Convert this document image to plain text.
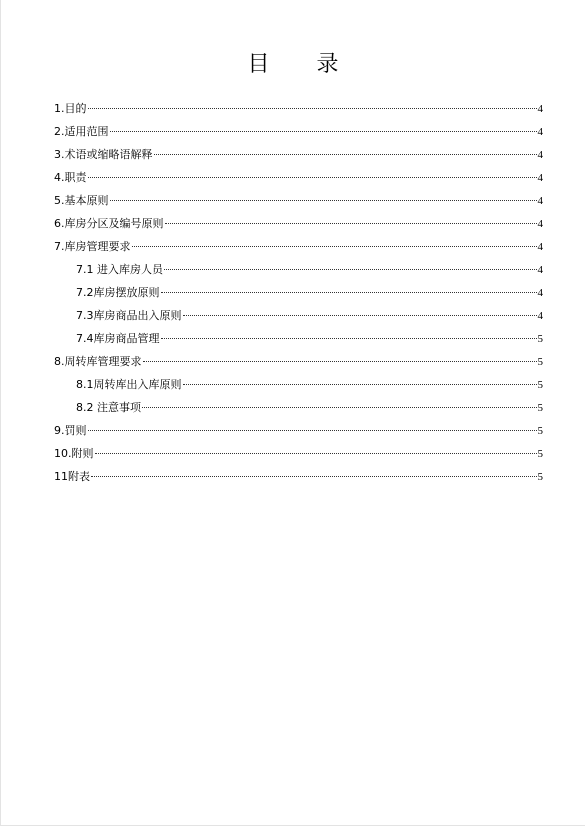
目 录
1.目的	4
2.适用范围	4
3.术语或缩略语解释	4
4.职责	4
5.基本原则	4
6.库房分区及编号原则	4
7.库房管理要求	4
7.1 进入库房人员	4
7.2库房摆放原则	4
7.3库房商品出入原则	4
7.4库房商品管理	5
8.周转库管理要求	5
8.1周转库出入库原则	5
8.2 注意事项	5
9.罚则	5
10.附则	5
11附表	5
